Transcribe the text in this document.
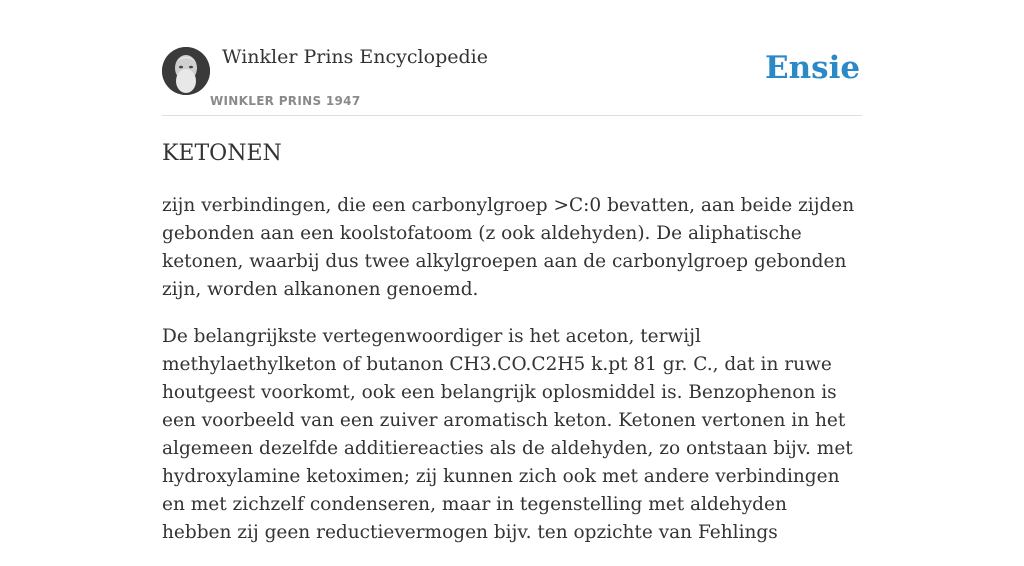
Winkler Prins Encyclopedie
WINKLER PRINS 1947
Ensie
KETONEN

zijn verbindingen, die een carbonylgroep >C:0 bevatten, aan beide zijden gebonden aan een koolstofatoom (z ook aldehyden). De aliphatische ketonen, waarbij dus twee alkylgroepen aan de carbonylgroep gebonden zijn, worden alkanonen genoemd.

De belangrijkste vertegenwoordiger is het aceton, terwijl methylaethylketon of butanon CH3.CO.C2H5 k.pt 81 gr. C., dat in ruwe houtgeest voorkomt, ook een belangrijk oplosmiddel is. Benzophenon is een voorbeeld van een zuiver aromatisch keton. Ketonen vertonen in het algemeen dezelfde additiereacties als de aldehyden, zo ontstaan bijv. met hydroxylamine ketoximen; zij kunnen zich ook met andere verbindingen en met zichzelf condenseren, maar in tegenstelling met aldehyden hebben zij geen reductievermogen bijv. ten opzichte van Fehlings
